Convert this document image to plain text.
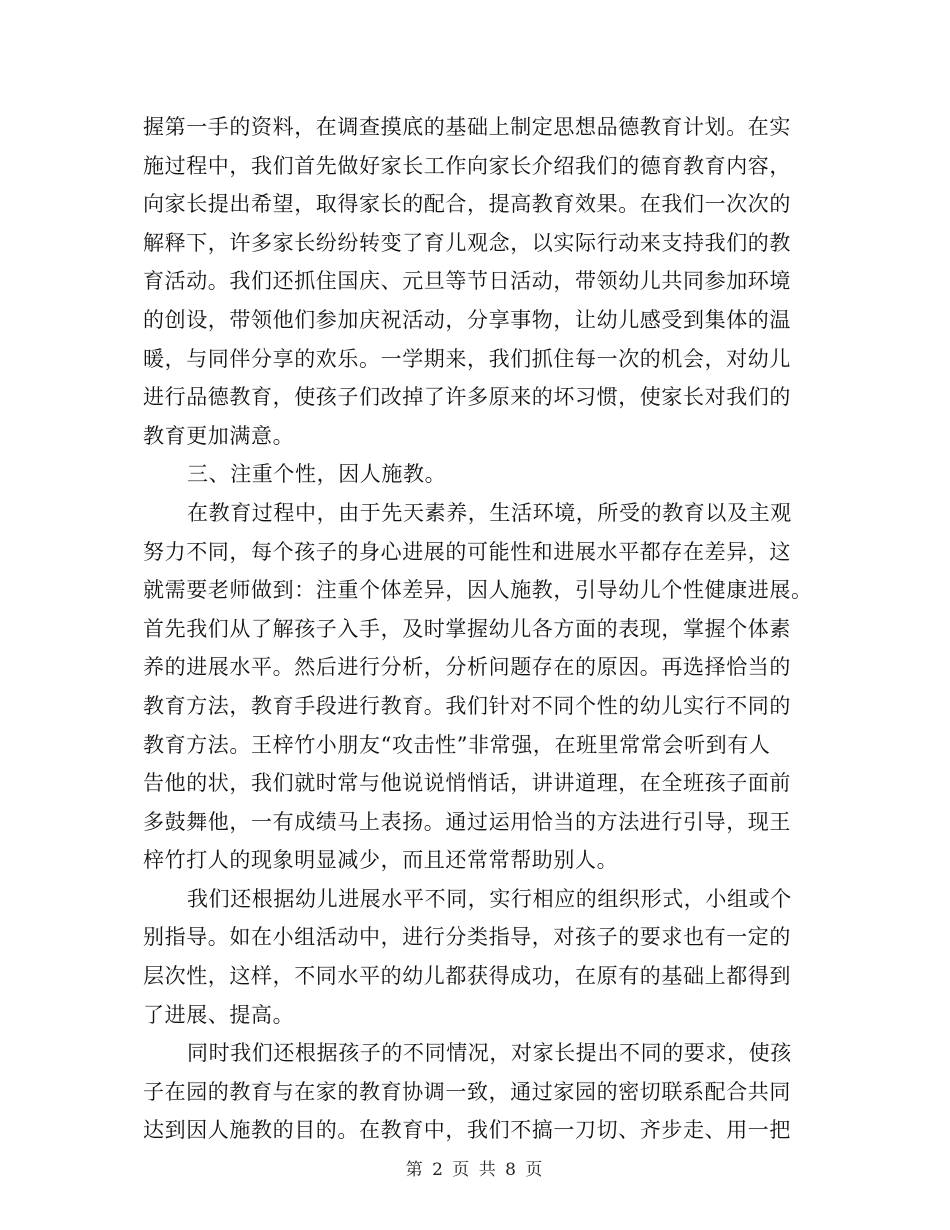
握第一手的资料，在调查摸底的基础上制定思想品德教育计划。在实
施过程中，我们首先做好家长工作向家长介绍我们的德育教育内容，
向家长提出希望，取得家长的配合，提高教育效果。在我们一次次的
解释下，许多家长纷纷转变了育儿观念，以实际行动来支持我们的教
育活动。我们还抓住国庆、元旦等节日活动，带领幼儿共同参加环境
的创设，带领他们参加庆祝活动，分享事物，让幼儿感受到集体的温
暖，与同伴分享的欢乐。一学期来，我们抓住每一次的机会，对幼儿
进行品德教育，使孩子们改掉了许多原来的坏习惯，使家长对我们的
教育更加满意。
三、注重个性，因人施教。
在教育过程中，由于先天素养，生活环境，所受的教育以及主观
努力不同，每个孩子的身心进展的可能性和进展水平都存在差异，这
就需要老师做到：注重个体差异，因人施教，引导幼儿个性健康进展。
首先我们从了解孩子入手，及时掌握幼儿各方面的表现，掌握个体素
养的进展水平。然后进行分析，分析问题存在的原因。再选择恰当的
教育方法，教育手段进行教育。我们针对不同个性的幼儿实行不同的
教育方法。王梓竹小朋友“攻击性”非常强，在班里常常会听到有人
告他的状，我们就时常与他说说悄悄话，讲讲道理，在全班孩子面前
多鼓舞他，一有成绩马上表扬。通过运用恰当的方法进行引导，现王
梓竹打人的现象明显减少，而且还常常帮助别人。
我们还根据幼儿进展水平不同，实行相应的组织形式，小组或个
别指导。如在小组活动中，进行分类指导，对孩子的要求也有一定的
层次性，这样，不同水平的幼儿都获得成功，在原有的基础上都得到
了进展、提高。
同时我们还根据孩子的不同情况，对家长提出不同的要求，使孩
子在园的教育与在家的教育协调一致，通过家园的密切联系配合共同
达到因人施教的目的。在教育中，我们不搞一刀切、齐步走、用一把
第 2 页 共 8 页
